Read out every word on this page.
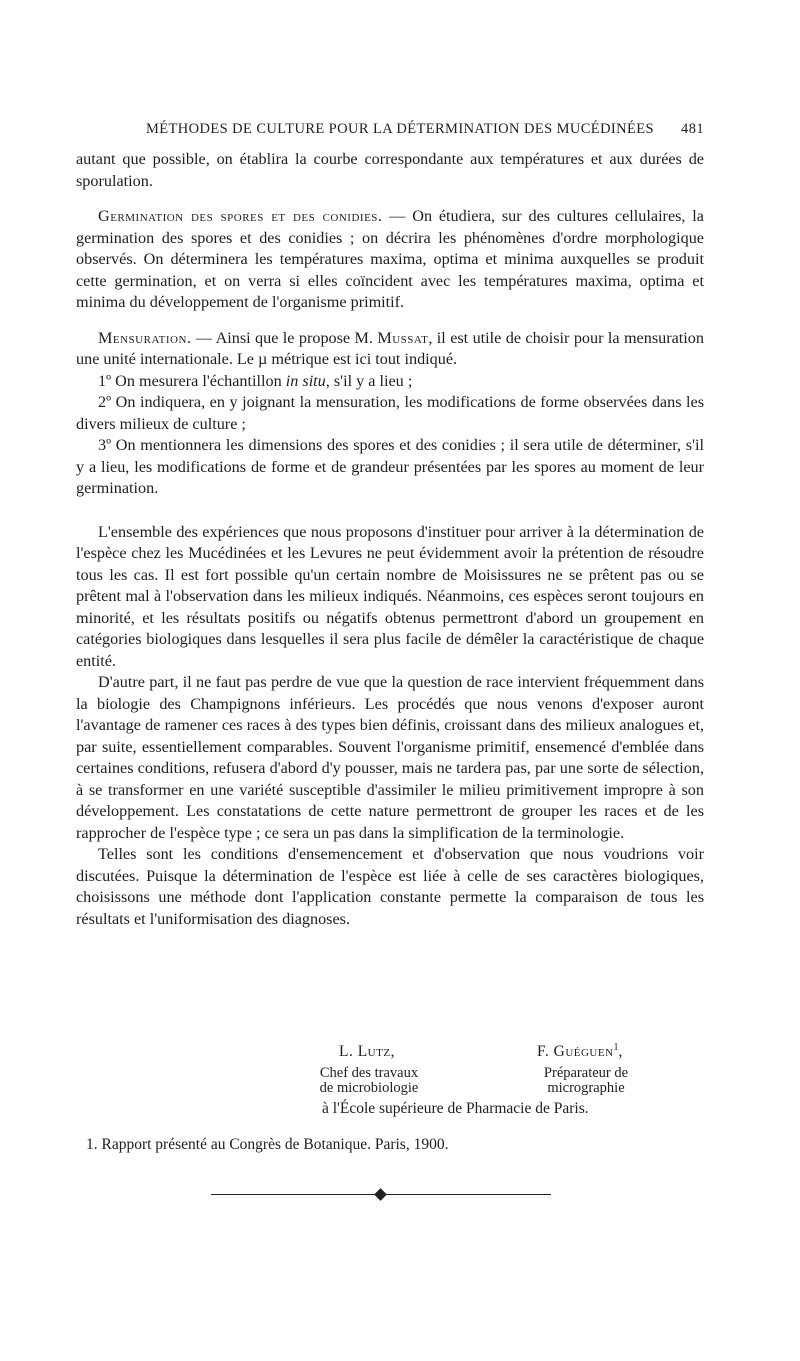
MÉTHODES DE CULTURE POUR LA DÉTERMINATION DES MUCÉDINÉES 481

autant que possible, on établira la courbe correspondante aux températures et aux durées de sporulation.

Germination des spores et des conidies. — On étudiera, sur des cultures cellulaires, la germination des spores et des conidies ; on décrira les phénomènes d'ordre morphologique observés. On déterminera les températures maxima, optima et minima auxquelles se produit cette germination, et on verra si elles coïncident avec les températures maxima, optima et minima du développement de l'organisme primitif.

Mensuration. — Ainsi que le propose M. Mussat, il est utile de choisir pour la mensuration une unité internationale. Le µ métrique est ici tout indiqué.

1º On mesurera l'échantillon in situ, s'il y a lieu ;

2º On indiquera, en y joignant la mensuration, les modifications de forme observées dans les divers milieux de culture ;

3º On mentionnera les dimensions des spores et des conidies ; il sera utile de déterminer, s'il y a lieu, les modifications de forme et de grandeur présentées par les spores au moment de leur germination.

L'ensemble des expériences que nous proposons d'instituer pour arriver à la détermination de l'espèce chez les Mucédinées et les Levures ne peut évidemment avoir la prétention de résoudre tous les cas. Il est fort possible qu'un certain nombre de Moisissures ne se prêtent pas ou se prêtent mal à l'observation dans les milieux indiqués. Néanmoins, ces espèces seront toujours en minorité, et les résultats positifs ou négatifs obtenus permettront d'abord un groupement en catégories biologiques dans lesquelles il sera plus facile de démêler la caractéristique de chaque entité.

D'autre part, il ne faut pas perdre de vue que la question de race intervient fréquemment dans la biologie des Champignons inférieurs. Les procédés que nous venons d'exposer auront l'avantage de ramener ces races à des types bien définis, croissant dans des milieux analogues et, par suite, essentiellement comparables. Souvent l'organisme primitif, ensemencé d'emblée dans certaines conditions, refusera d'abord d'y pousser, mais ne tardera pas, par une sorte de sélection, à se transformer en une variété susceptible d'assimiler le milieu primitivement impropre à son développement. Les constatations de cette nature permettront de grouper les races et de les rapprocher de l'espèce type ; ce sera un pas dans la simplification de la terminologie.

Telles sont les conditions d'ensemencement et d'observation que nous voudrions voir discutées. Puisque la détermination de l'espèce est liée à celle de ses caractères biologiques, choisissons une méthode dont l'application constante permette la comparaison de tous les résultats et l'uniformisation des diagnoses.

L. Lutz,	F. Guéguen$^1$,
Chef des travaux
de microbiologie
Préparateur de
micrographie
à l'École supérieure de Pharmacie de Paris.
1. Rapport présenté au Congrès de Botanique. Paris, 1900.
